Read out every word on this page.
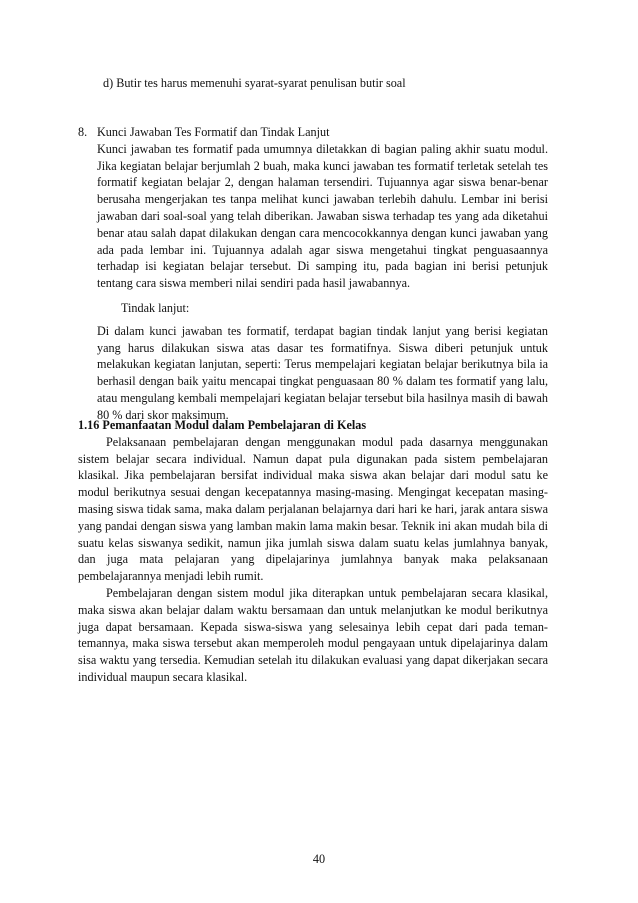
d) Butir tes harus memenuhi syarat-syarat penulisan butir soal

8. Kunci Jawaban Tes Formatif dan Tindak Lanjut

Kunci jawaban tes formatif pada umumnya diletakkan di bagian paling akhir suatu modul. Jika kegiatan belajar berjumlah 2 buah, maka kunci jawaban tes formatif terletak setelah tes formatif kegiatan belajar 2, dengan halaman tersendiri. Tujuannya agar siswa benar-benar berusaha mengerjakan tes tanpa melihat kunci jawaban terlebih dahulu. Lembar ini berisi jawaban dari soal-soal yang telah diberikan. Jawaban siswa terhadap tes yang ada diketahui benar atau salah dapat dilakukan dengan cara mencocokkannya dengan kunci jawaban yang ada pada lembar ini. Tujuannya adalah agar siswa mengetahui tingkat penguasaannya terhadap isi kegiatan belajar tersebut. Di samping itu, pada bagian ini berisi petunjuk tentang cara siswa memberi nilai sendiri pada hasil jawabannya.

Tindak lanjut:

Di dalam kunci jawaban tes formatif, terdapat bagian tindak lanjut yang berisi kegiatan yang harus dilakukan siswa atas dasar tes formatifnya. Siswa diberi petunjuk untuk melakukan kegiatan lanjutan, seperti: Terus mempelajari kegiatan belajar berikutnya bila ia berhasil dengan baik yaitu mencapai tingkat penguasaan 80 % dalam tes formatif yang lalu, atau mengulang kembali mempelajari kegiatan belajar tersebut bila hasilnya masih di bawah 80 % dari skor maksimum.

1.16 Pemanfaatan Modul dalam Pembelajaran di Kelas

Pelaksanaan pembelajaran dengan menggunakan modul pada dasarnya menggunakan sistem belajar secara individual. Namun dapat pula digunakan pada sistem pembelajaran klasikal. Jika pembelajaran bersifat individual maka siswa akan belajar dari modul satu ke modul berikutnya sesuai dengan kecepatannya masing-masing. Mengingat kecepatan masing-masing siswa tidak sama, maka dalam perjalanan belajarnya dari hari ke hari, jarak antara siswa yang pandai dengan siswa yang lamban makin lama makin besar. Teknik ini akan mudah bila di suatu kelas siswanya sedikit, namun jika jumlah siswa dalam suatu kelas jumlahnya banyak, dan juga mata pelajaran yang dipelajarinya jumlahnya banyak maka pelaksanaan pembelajarannya menjadi lebih rumit.

Pembelajaran dengan sistem modul jika diterapkan untuk pembelajaran secara klasikal, maka siswa akan belajar dalam waktu bersamaan dan untuk melanjutkan ke modul berikutnya juga dapat bersamaan. Kepada siswa-siswa yang selesainya lebih cepat dari pada teman-temannya, maka siswa tersebut akan memperoleh modul pengayaan untuk dipelajarinya dalam sisa waktu yang tersedia. Kemudian setelah itu dilakukan evaluasi yang dapat dikerjakan secara individual maupun secara klasikal.

40
